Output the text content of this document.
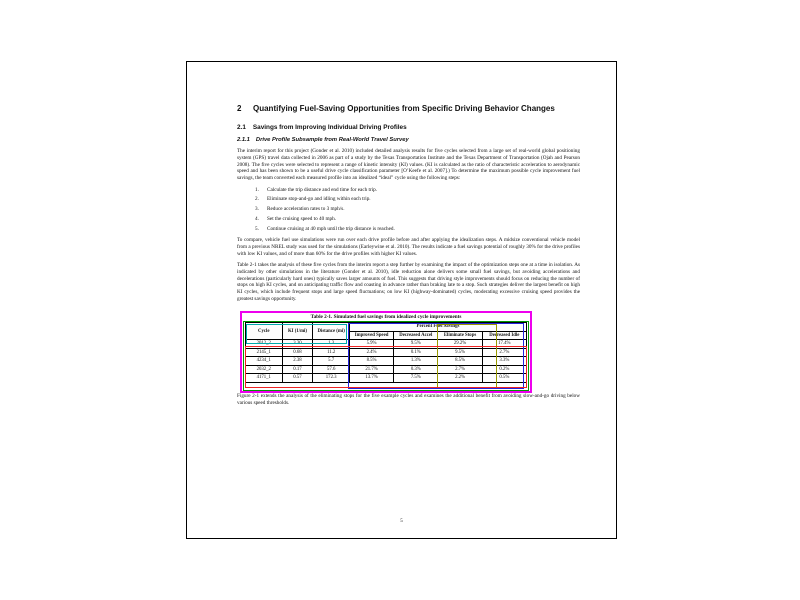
2	Quantifying Fuel-Saving Opportunities from Specific Driving Behavior Changes
2.1 Savings from Improving Individual Driving Profiles
2.1.1 Drive Profile Subsample from Real-World Travel Survey

The interim report for this project (Gonder et al. 2010) included detailed analysis results for five cycles selected from a large set of real-world global positioning system (GPS) travel data collected in 2006 as part of a study by the Texas Transportation Institute and the Texas Department of Transportation (Ojah and Pearson 2008). The five cycles were selected to represent a range of kinetic intensity (KI) values. (KI is calculated as the ratio of characteristic acceleration to aerodynamic speed and has been shown to be a useful drive cycle classification parameter [O’Keefe et al. 2007].) To determine the maximum possible cycle improvement fuel savings, the team converted each measured profile into an idealized “ideal” cycle using the following steps:

1.	Calculate the trip distance and end time for each trip.
2.	Eliminate stop-and-go and idling within each trip.
3.	Reduce acceleration rates to 3 mph/s.
4.	Set the cruising speed to 40 mph.
5.	Continue cruising at 40 mph until the trip distance is reached.

To compare, vehicle fuel use simulations were run over each drive profile before and after applying the idealization steps. A midsize conventional vehicle model from a previous NREL study was used for the simulations (Earleywine et al. 2010). The results indicate a fuel savings potential of roughly 30% for the drive profiles with low KI values, and of more than 60% for the drive profiles with higher KI values.

Table 2-1 takes the analysis of these five cycles from the interim report a step further by examining the impact of the optimization steps one at a time in isolation. As indicated by other simulations in the literature (Gonder et al. 2010), idle reduction alone delivers some small fuel savings, but avoiding accelerations and decelerations (particularly hard ones) typically saves larger amounts of fuel. This suggests that driving style improvements should focus on reducing the number of stops on high KI cycles, and on anticipating traffic flow and coasting in advance rather than braking late to a stop. Such strategies deliver the largest benefit on high KI cycles, which include frequent stops and large speed fluctuations; on low KI (highway-dominated) cycles, moderating excessive cruising speed provides the greatest savings opportunity.

Table 2-1. Simulated fuel savings from idealized cycle improvements
Cycle	KI (1/mi)	Distance (mi)	Percent Fuel Savings			
			Improved Speed	Decreased Accel	Eliminate Stops	Decreased Idle
2012_2	3.30	1.3	5.9%	9.5%	29.2%	17.4%
2145_1	0.68	11.2	2.4%	0.1%	9.5%	2.7%
4234_1	2.38	5.7	8.5%	1.3%	8.5%	3.3%
2032_2	0.17	57.6	21.7%	0.3%	2.7%	0.2%
4171_1	0.57	172.3	13.7%	7.5%	2.2%	0.5%

Figure 2-1 extends the analysis of the eliminating stops for the five example cycles and examines the additional benefit from avoiding slow-and-go driving below various speed thresholds.

5
